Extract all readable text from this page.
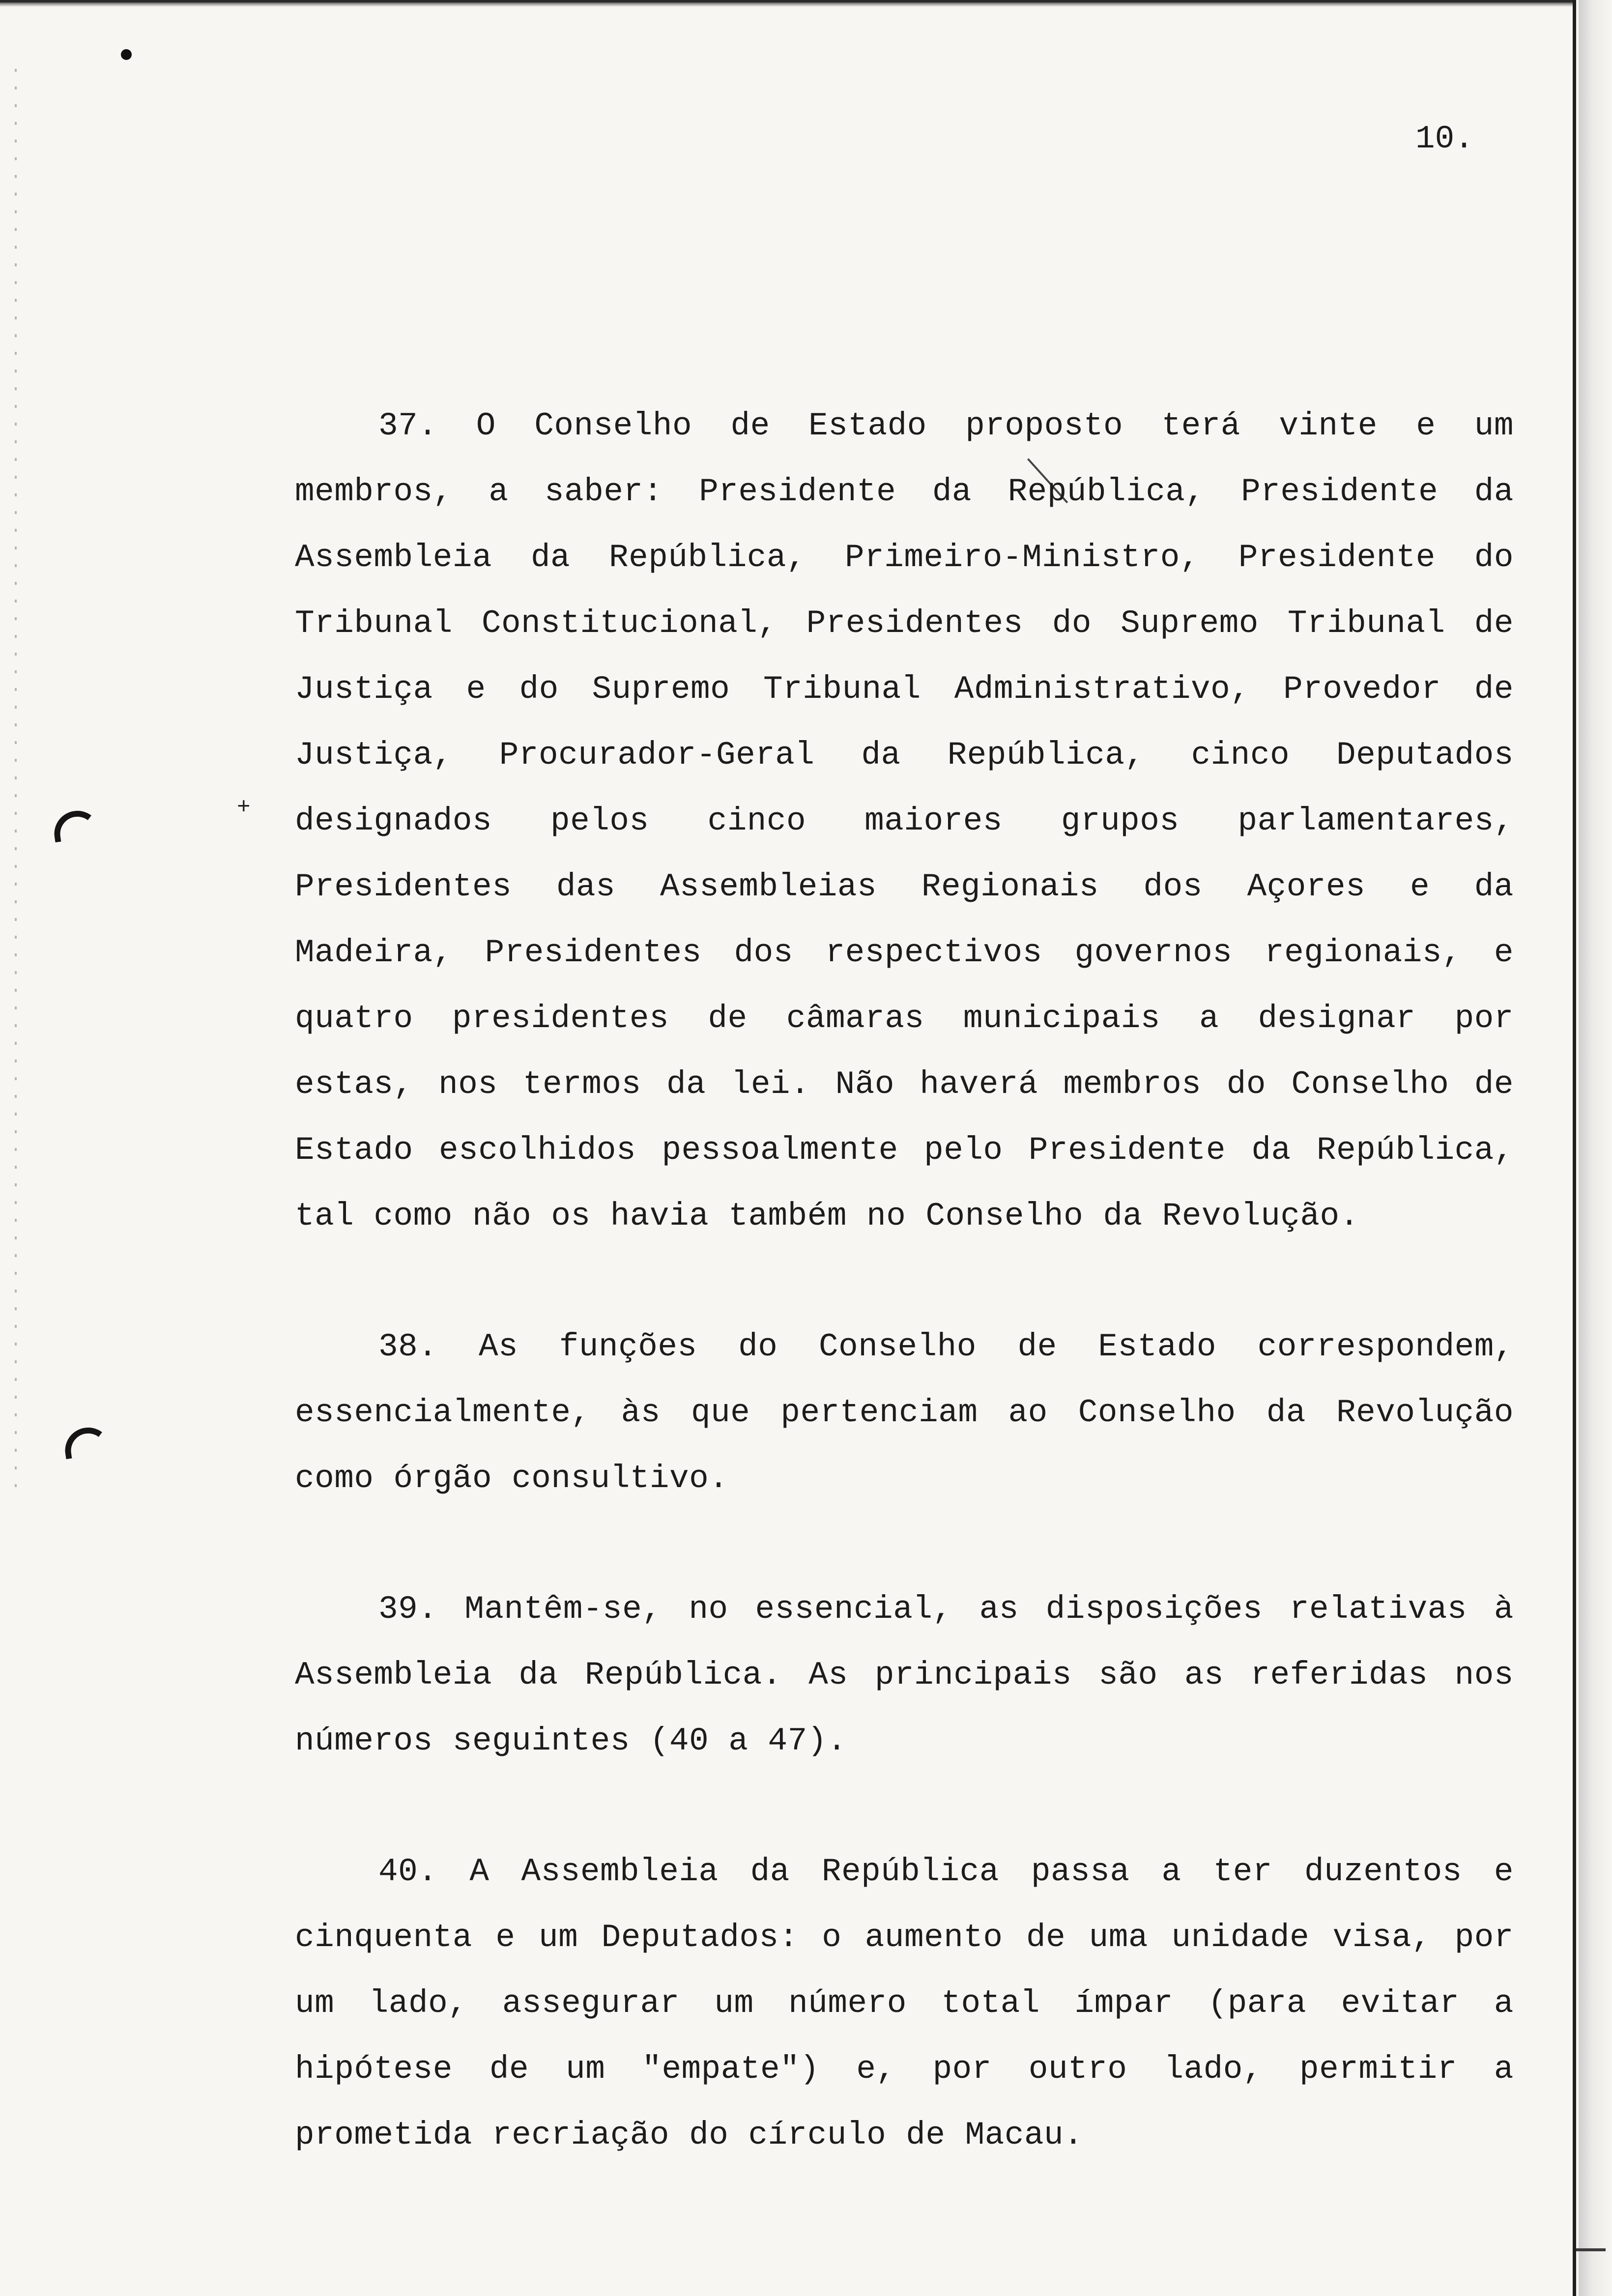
+
10.

37. O Conselho de Estado proposto terá vinte e um membros, a saber: Presidente da República, Presidente da Assembleia da República, Primeiro-Ministro, Presidente do Tribunal Constitucional, Presidentes do Supremo Tribunal de Justiça e do Supremo Tribunal Administrativo, Provedor de Justiça, Procurador-Geral da República, cinco Deputados designados pelos cinco maiores grupos parlamentares, Presidentes das Assembleias Regionais dos Açores e da Madeira, Presidentes dos respectivos governos regionais, e quatro presidentes de câmaras municipais a designar por estas, nos termos da lei. Não haverá membros do Conselho de Estado escolhidos pessoalmente pelo Presidente da República, tal como não os havia também no Conselho da Revolução.

38. As funções do Conselho de Estado correspondem, essencialmente, às que pertenciam ao Conselho da Revolução como órgão consultivo.

39. Mantêm-se, no essencial, as disposições relativas à Assembleia da República. As principais são as referidas nos números seguintes (40 a 47).

40. A Assembleia da República passa a ter duzentos e cinquenta e um Deputados: o aumento de uma unidade visa, por um lado, assegurar um número total ímpar (para evitar a hipótese de um "empate") e, por outro lado, permitir a prometida recriação do círculo de Macau.
